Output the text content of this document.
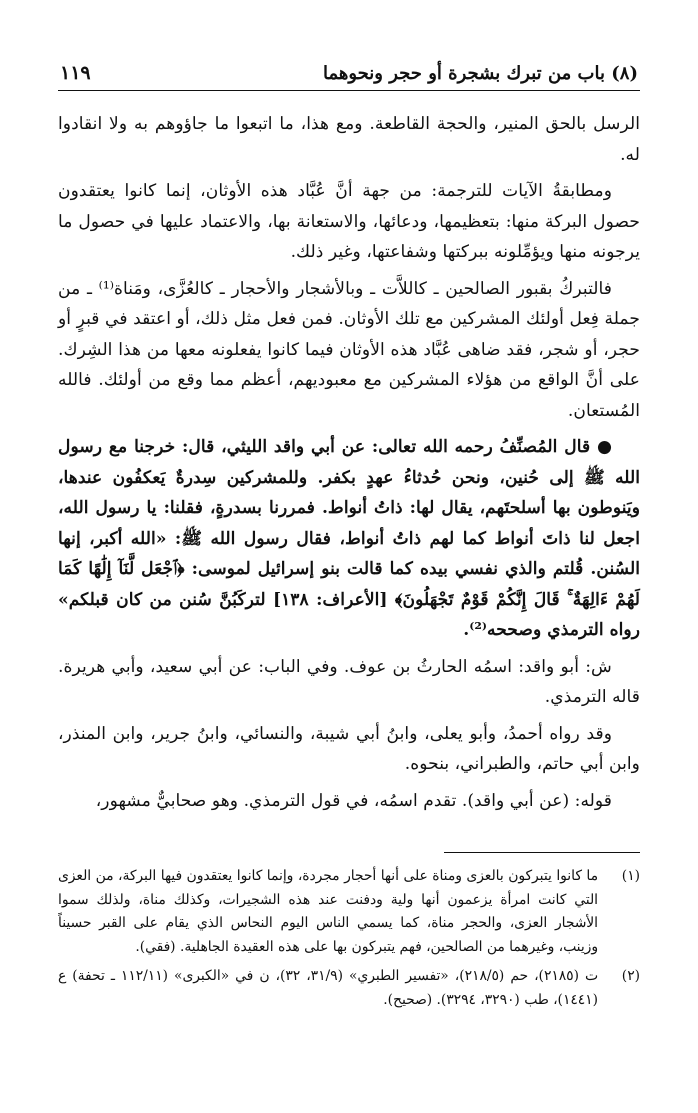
(٨) باب من تبرك بشجرة أو حجر ونحوهما
١١٩

الرسل بالحق المنير، والحجة القاطعة. ومع هذا، ما اتبعوا ما جاؤوهم به ولا انقادوا له.

ومطابقةُ الآيات للترجمة: من جهة أنَّ عُبَّاد هذه الأوثان، إنما كانوا يعتقدون حصول البركة منها: بتعظيمها، ودعائها، والاستعانة بها، والاعتماد عليها في حصول ما يرجونه منها ويؤمِّلونه ببركتها وشفاعتها، وغير ذلك.

فالتبركُ بقبور الصالحين ـ كاللاَّت ـ وبالأشجار والأحجار ـ كالعُزَّى، ومَناة⁽¹⁾ ـ من جملة فِعل أولئك المشركين مع تلك الأوثان. فمن فعل مثل ذلك، أو اعتقد في قبرٍ أو حجر، أو شجر، فقد ضاهى عُبَّاد هذه الأوثان فيما كانوا يفعلونه معها من هذا الشِرك. على أنَّ الواقع من هؤلاء المشركين مع معبوديهم، أعظم مما وقع من أولئك. فالله المُستعان.

● قال المُصنِّفُ رحمه الله تعالى: عن أبي واقد الليثي، قال: خرجنا مع رسول الله ﷺ إلى حُنين، ونحن حُدثاءُ عهدٍ بكفر. وللمشركين سِدرةٌ يَعكفُون عندها، ويَنوطون بها أسلحتَهم، يقال لها: ذاتُ أنواط. فمررنا بسدرةٍ، فقلنا: يا رسول الله، اجعل لنا ذاتَ أنواط كما لهم ذاتُ أنواط، فقال رسول الله ﷺ: «الله أكبر، إنها السُنن. قُلتم والذي نفسي بيده كما قالت بنو إسرائيل لموسى: ﴿ٱجْعَل لَّنَآ إِلَٰهًا كَمَا لَهُمْ ءَالِهَةٌ ۚ قَالَ إِنَّكُمْ قَوْمٌ تَجْهَلُونَ﴾ [الأعراف: ١٣٨] لتركَبُنَّ سُنن من كان قبلكم» رواه الترمذي وصححه⁽²⁾.

ش: أبو واقد: اسمُه الحارثُ بن عوف. وفي الباب: عن أبي سعيد، وأبي هريرة. قاله الترمذي.

وقد رواه أحمدُ، وأبو يعلى، وابنُ أبي شيبة، والنسائي، وابنُ جرير، وابن المنذر، وابن أبي حاتم، والطبراني، بنحوه.

قوله: (عن أبي واقد). تقدم اسمُه، في قول الترمذي. وهو صحابيٌّ مشهور،

(١)
ما كانوا يتبركون بالعزى ومناة على أنها أحجار مجردة، وإنما كانوا يعتقدون فيها البركة، من العزى التي كانت امرأة يزعمون أنها ولية ودفنت عند هذه الشجيرات، وكذلك مناة، ولذلك سموا الأشجار العزى، والحجر مناة، كما يسمي الناس اليوم النحاس الذي يقام على القبر حسيناً وزينب، وغيرهما من الصالحين، فهم يتبركون بها على هذه العقيدة الجاهلية. (فقي).
(٢)
ت (٢١٨٥)، حم (٢١٨/٥)، «تفسير الطبري» (٣١/٩، ٣٢)، ن في «الكبرى» (١١٢/١١ ـ تحفة) ع (١٤٤١)، طب (٣٢٩٠، ٣٢٩٤). (صحيح).
